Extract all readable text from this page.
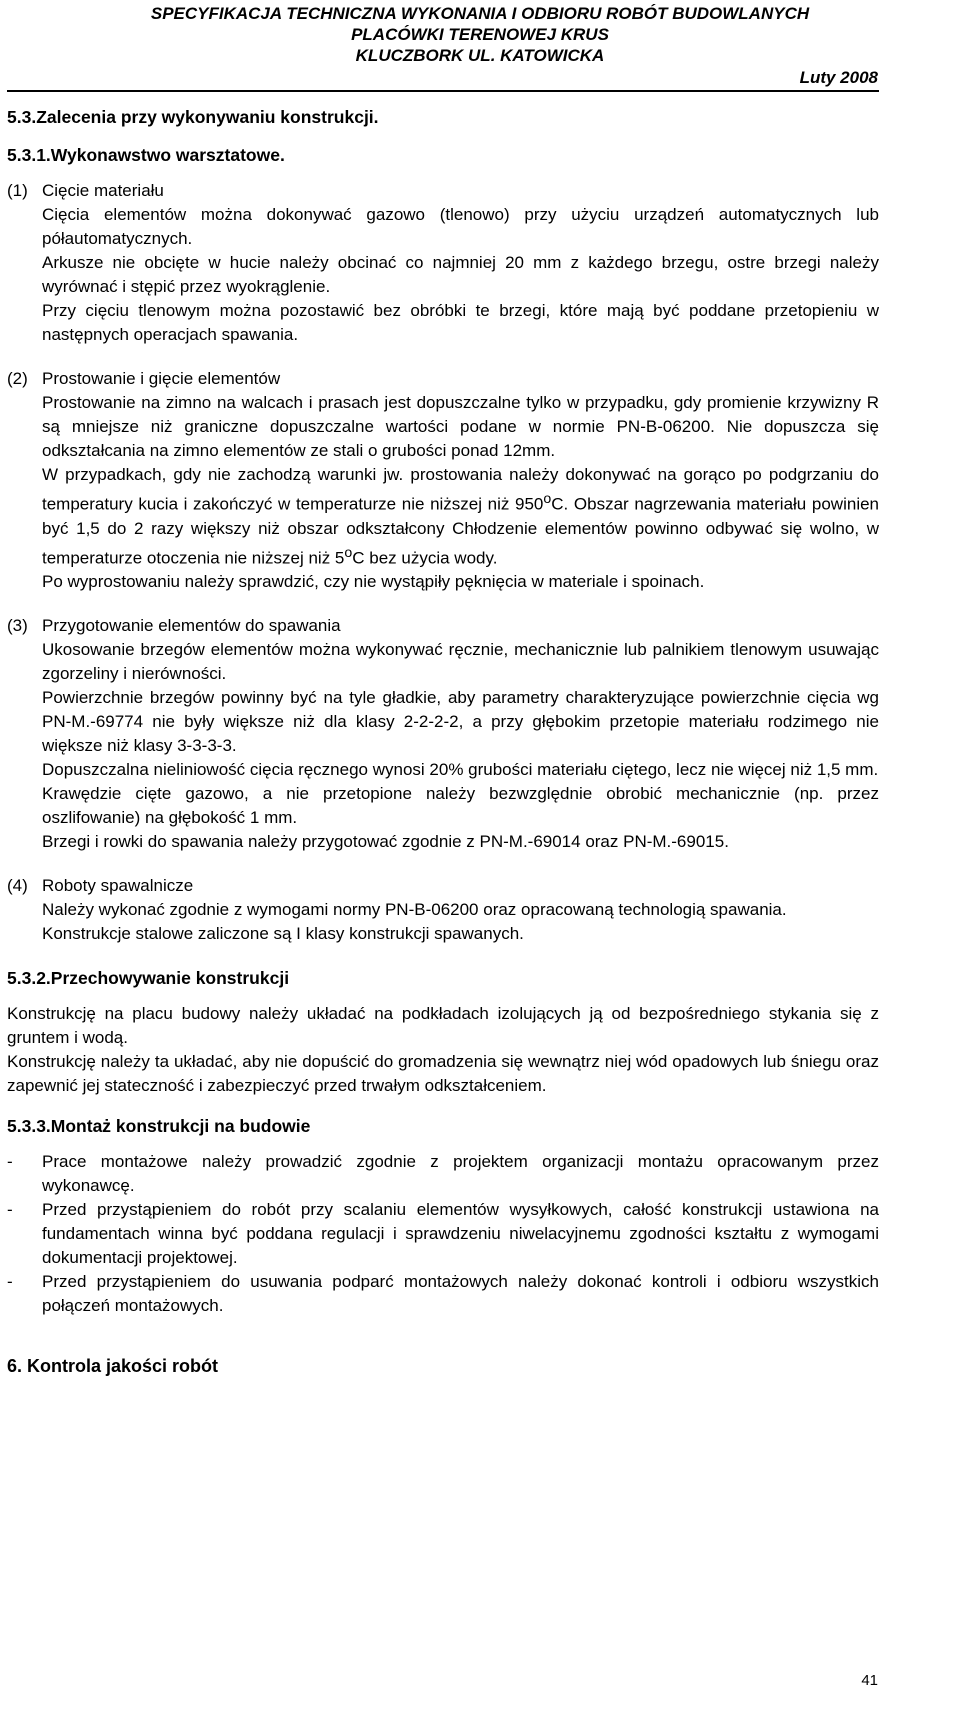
SPECYFIKACJA TECHNICZNA WYKONANIA I ODBIORU ROBÓT BUDOWLANYCH
PLACÓWKI TERENOWEJ KRUS
KLUCZBORK UL. KATOWICKA
Luty 2008
5.3.Zalecenia przy wykonywaniu konstrukcji.
5.3.1.Wykonawstwo warsztatowe.
(1) Cięcie materiału

Cięcia elementów można dokonywać gazowo (tlenowo) przy użyciu urządzeń automatycznych lub półautomatycznych.

Arkusze nie obcięte w hucie należy obcinać co najmniej 20 mm z każdego brzegu, ostre brzegi należy wyrównać i stępić przez wyokrąglenie.

Przy cięciu tlenowym można pozostawić bez obróbki te brzegi, które mają być poddane przetopieniu w następnych operacjach spawania.

(2) Prostowanie i gięcie elementów

Prostowanie na zimno na walcach i prasach jest dopuszczalne tylko w przypadku, gdy promienie krzywizny R są mniejsze niż graniczne dopuszczalne wartości podane w normie PN-B-06200. Nie dopuszcza się odkształcania na zimno elementów ze stali o grubości ponad 12mm.

W przypadkach, gdy nie zachodzą warunki jw. prostowania należy dokonywać na gorąco po podgrzaniu do temperatury kucia i zakończyć w temperaturze nie niższej niż 950$^o$C. Obszar nagrzewania materiału powinien być 1,5 do 2 razy większy niż obszar odkształcony Chłodzenie elementów powinno odbywać się wolno, w temperaturze otoczenia nie niższej niż 5$^o$C bez użycia wody.

Po wyprostowaniu należy sprawdzić, czy nie wystąpiły pęknięcia w materiale i spoinach.

(3) Przygotowanie elementów do spawania

Ukosowanie brzegów elementów można wykonywać ręcznie, mechanicznie lub palnikiem tlenowym usuwając zgorzeliny i nierówności.

Powierzchnie brzegów powinny być na tyle gładkie, aby parametry charakteryzujące powierzchnie cięcia wg PN-M.-69774 nie były większe niż dla klasy 2-2-2-2, a przy głębokim przetopie materiału rodzimego nie większe niż klasy 3-3-3-3.

Dopuszczalna nieliniowość cięcia ręcznego wynosi 20% grubości materiału ciętego, lecz nie więcej niż 1,5 mm.

Krawędzie cięte gazowo, a nie przetopione należy bezwzględnie obrobić mechanicznie (np. przez oszlifowanie) na głębokość 1 mm.

Brzegi i rowki do spawania należy przygotować zgodnie z PN-M.-69014 oraz PN-M.-69015.

(4) Roboty spawalnicze

Należy wykonać zgodnie z wymogami normy PN-B-06200 oraz opracowaną technologią spawania.

Konstrukcje stalowe zaliczone są I klasy konstrukcji spawanych.

5.3.2.Przechowywanie konstrukcji

Konstrukcję na placu budowy należy układać na podkładach izolujących ją od bezpośredniego stykania się z gruntem i wodą.

Konstrukcję należy ta układać, aby nie dopuścić do gromadzenia się wewnątrz niej wód opadowych lub śniegu oraz zapewnić jej stateczność i zabezpieczyć przed trwałym odkształceniem.

5.3.3.Montaż konstrukcji na budowie
-	Prace montażowe należy prowadzić zgodnie z projektem organizacji montażu opracowanym przez wykonawcę.
-	Przed przystąpieniem do robót przy scalaniu elementów wysyłkowych, całość konstrukcji ustawiona na fundamentach winna być poddana regulacji i sprawdzeniu niwelacyjnemu zgodności kształtu z wymogami dokumentacji projektowej.
-	Przed przystąpieniem do usuwania podparć montażowych należy dokonać kontroli i odbioru wszystkich połączeń montażowych.
6. Kontrola jakości robót
41
